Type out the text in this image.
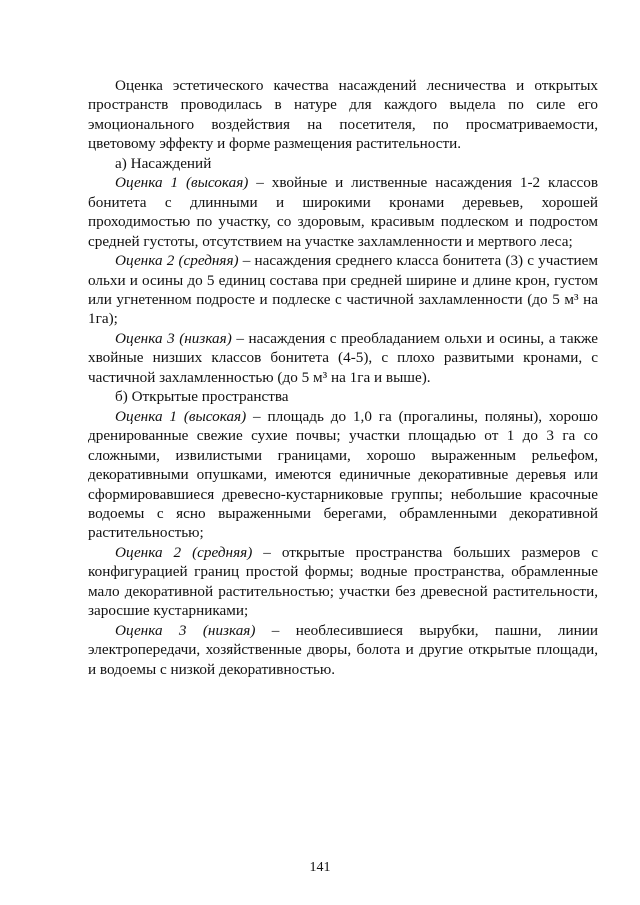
Оценка эстетического качества насаждений лесничества и открытых пространств проводилась в натуре для каждого выдела по силе его эмоционального воздействия на посетителя, по просматриваемости, цветовому эффекту и форме размещения растительности.

а) Насаждений

Оценка 1 (высокая) – хвойные и лиственные насаждения 1-2 классов бонитета с длинными и широкими кронами деревьев, хорошей проходимостью по участку, со здоровым, красивым подлеском и подростом средней густоты, отсутствием на участке захламленности и мертвого леса;

Оценка 2 (средняя) – насаждения среднего класса бонитета (3) с участием ольхи и осины до 5 единиц состава при средней ширине и длине крон, густом или угнетенном подросте и подлеске с частичной захламленности (до 5 м³ на 1га);

Оценка 3 (низкая) – насаждения с преобладанием ольхи и осины, а также хвойные низших классов бонитета (4-5), с плохо развитыми кронами, с частичной захламленностью (до 5 м³ на 1га и выше).

б) Открытые пространства

Оценка 1 (высокая) – площадь до 1,0 га (прогалины, поляны), хорошо дренированные свежие сухие почвы; участки площадью от 1 до 3 га со сложными, извилистыми границами, хорошо выраженным рельефом, декоративными опушками, имеются единичные декоративные деревья или сформировавшиеся древесно-кустарниковые группы; небольшие красочные водоемы с ясно выраженными берегами, обрамленными декоративной растительностью;

Оценка 2 (средняя) – открытые пространства больших размеров с конфигурацией границ простой формы; водные пространства, обрамленные мало декоративной растительностью; участки без древесной растительности, заросшие кустарниками;

Оценка 3 (низкая) – необлесившиеся вырубки, пашни, линии электропередачи, хозяйственные дворы, болота и другие открытые площади, и водоемы с низкой декоративностью.

141
